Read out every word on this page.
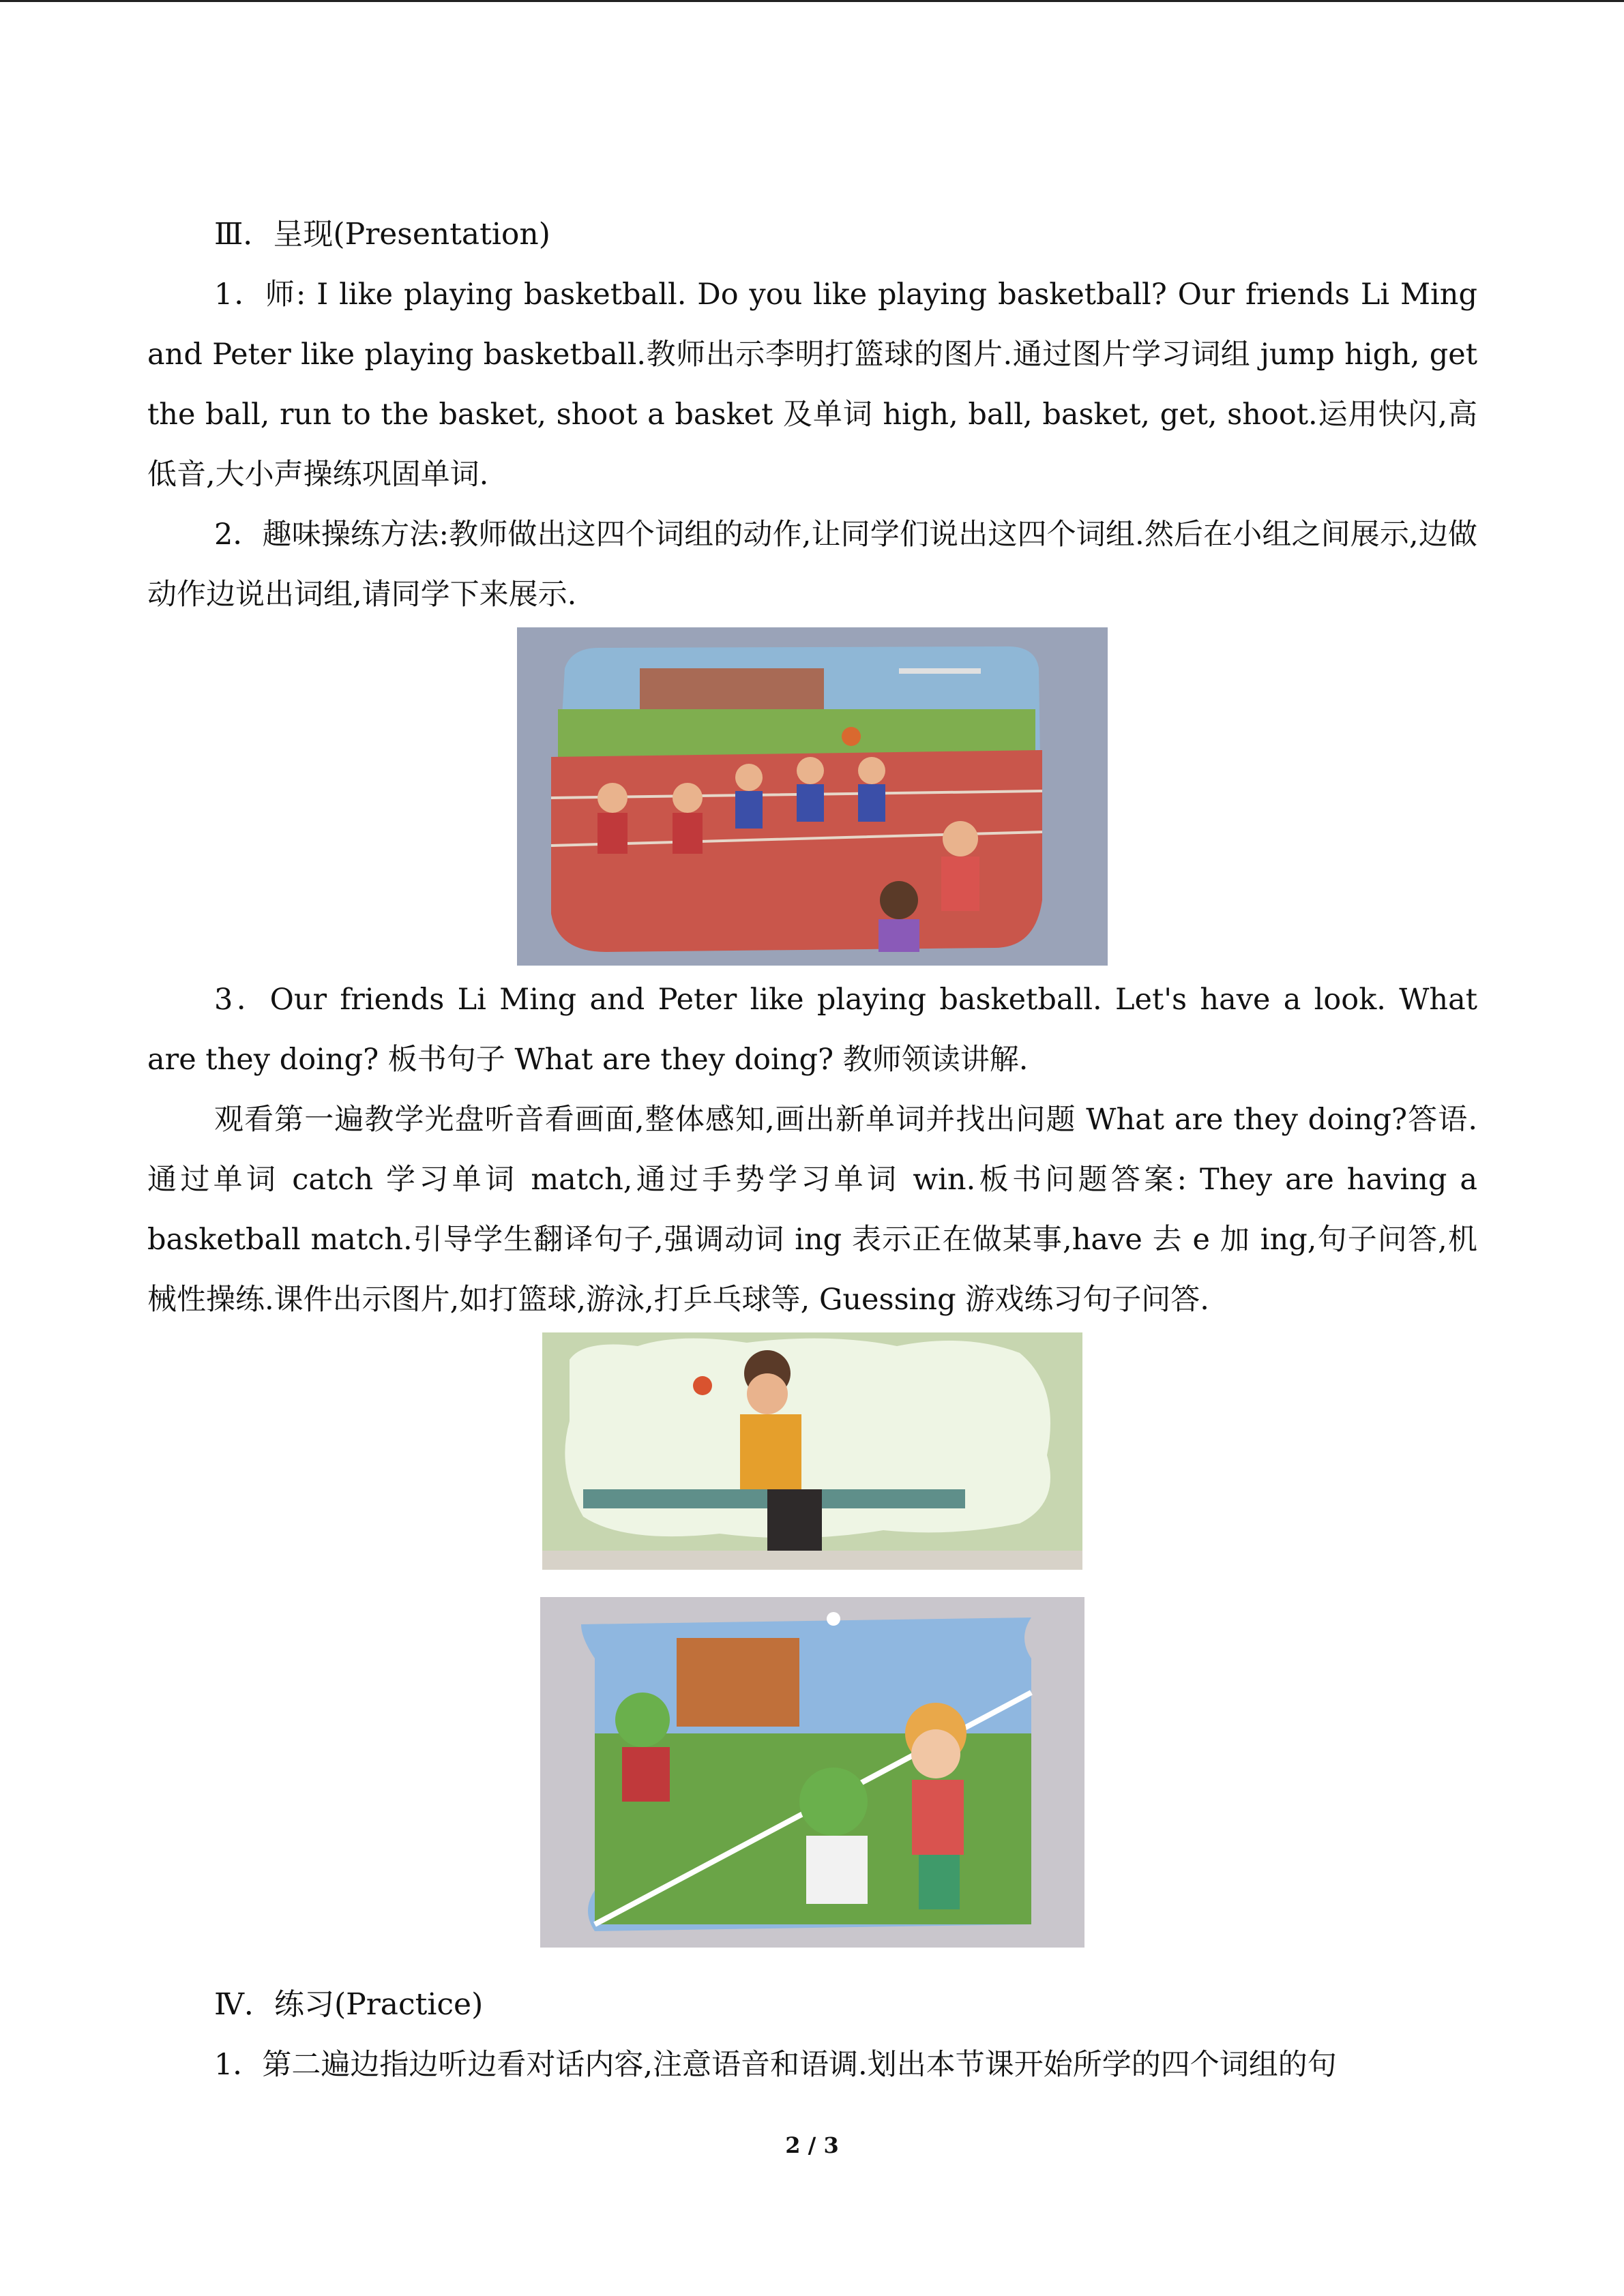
Ⅲ．呈现(Presentation)

1．师: I like playing basketball. Do you like playing basketball? Our friends Li Ming and Peter like playing basketball.教师出示李明打篮球的图片.通过图片学习词组 jump high, get the ball, run to the basket, shoot a basket 及单词 high, ball, basket, get, shoot.运用快闪,高低音,大小声操练巩固单词.

2．趣味操练方法:教师做出这四个词组的动作,让同学们说出这四个词组.然后在小组之间展示,边做动作边说出词组,请同学下来展示.

3．Our friends Li Ming and Peter like playing basketball. Let's have a look. What are they doing? 板书句子 What are they doing? 教师领读讲解.

观看第一遍教学光盘听音看画面,整体感知,画出新单词并找出问题 What are they doing?答语.通过单词 catch 学习单词 match,通过手势学习单词 win.板书问题答案: They are having a basketball match.引导学生翻译句子,强调动词 ing 表示正在做某事,have 去 e 加 ing,句子问答,机械性操练.课件出示图片,如打篮球,游泳,打乒乓球等, Guessing 游戏练习句子问答.

Ⅳ．练习(Practice)

1．第二遍边指边听边看对话内容,注意语音和语调.划出本节课开始所学的四个词组的句

2 / 3
